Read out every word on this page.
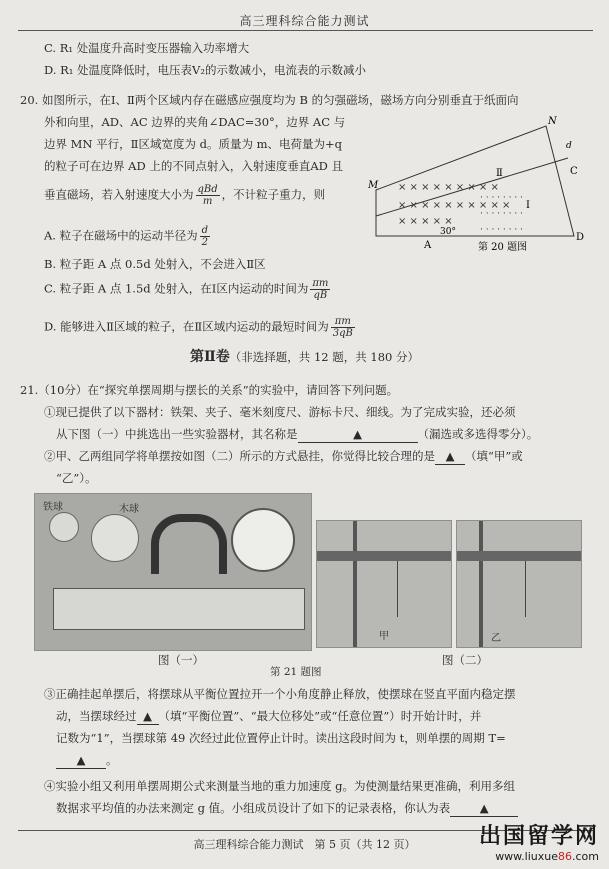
高三理科综合能力测试
C. R₁ 处温度升高时变压器输入功率增大
D. R₁ 处温度降低时，电压表V₂的示数减小，电流表的示数减小
20. 如图所示，在Ⅰ、Ⅱ两个区域内存在磁感应强度均为 B 的匀强磁场，磁场方向分别垂直于纸面向
外和向里，AD、AC 边界的夹角∠DAC=30°，边界 AC 与
边界 MN 平行，Ⅱ区域宽度为 d。质量为 m、电荷量为+q
的粒子可在边界 AD 上的不同点射入，入射速度垂直AD 且
垂直磁场，若入射速度大小为 $\frac{\text{qBd}}{m}$ ，不计粒子重力，则
A. 粒子在磁场中的运动半径为 $\frac{d}{2}$
B. 粒子距 A 点 0.5d 处射入，不会进入Ⅱ区
C. 粒子距 A 点 1.5d 处射入，在Ⅰ区内运动的时间为 $\frac{\pi m}{qB}$
D. 能够进入Ⅱ区域的粒子，在Ⅱ区域内运动的最短时间为 $\frac{\pi m}{3qB}$
× × × × × × × × ×
× × × × × × × × × ×
× × × × ×
· · · · · · · ·
· · · · · · · ·
· · · · · · · ·
M
N
C
D
A
d
Ⅱ
Ⅰ
30°
第 20 题图
第Ⅱ卷（非选择题，共 12 题，共 180 分）
21.（10分）在“探究单摆周期与摆长的关系”的实验中，请回答下列问题。
①现已提供了以下器材：铁架、夹子、毫米刻度尺、游标卡尺、细线。为了完成实验，还必须
从下图（一）中挑选出一些实验器材，其名称是	▲	（漏选或多选得零分）。
②甲、乙两组同学将单摆按如图（二）所示的方式悬挂，你觉得比较合理的是 ▲ （填“甲”或
“乙”）。
铁球	木球
甲	乙
图（一）	图（二）
第 21 题图
③正确挂起单摆后，将摆球从平衡位置拉开一个小角度静止释放，使摆球在竖直平面内稳定摆
动，当摆球经过 ▲ （填“平衡位置”、“最大位移处”或“任意位置”）时开始计时，并
记数为“1”，当摆球第 49 次经过此位置停止计时。读出这段时间为 t，则单摆的周期 T=
▲ 。
④实验小组又利用单摆周期公式来测量当地的重力加速度 g。为使测量结果更准确，利用多组
数据求平均值的办法来测定 g 值。小组成员设计了如下的记录表格，你认为表	▲
高三理科综合能力测试　第 5 页（共 12 页）	出国留学网
www.liuxue86.com
